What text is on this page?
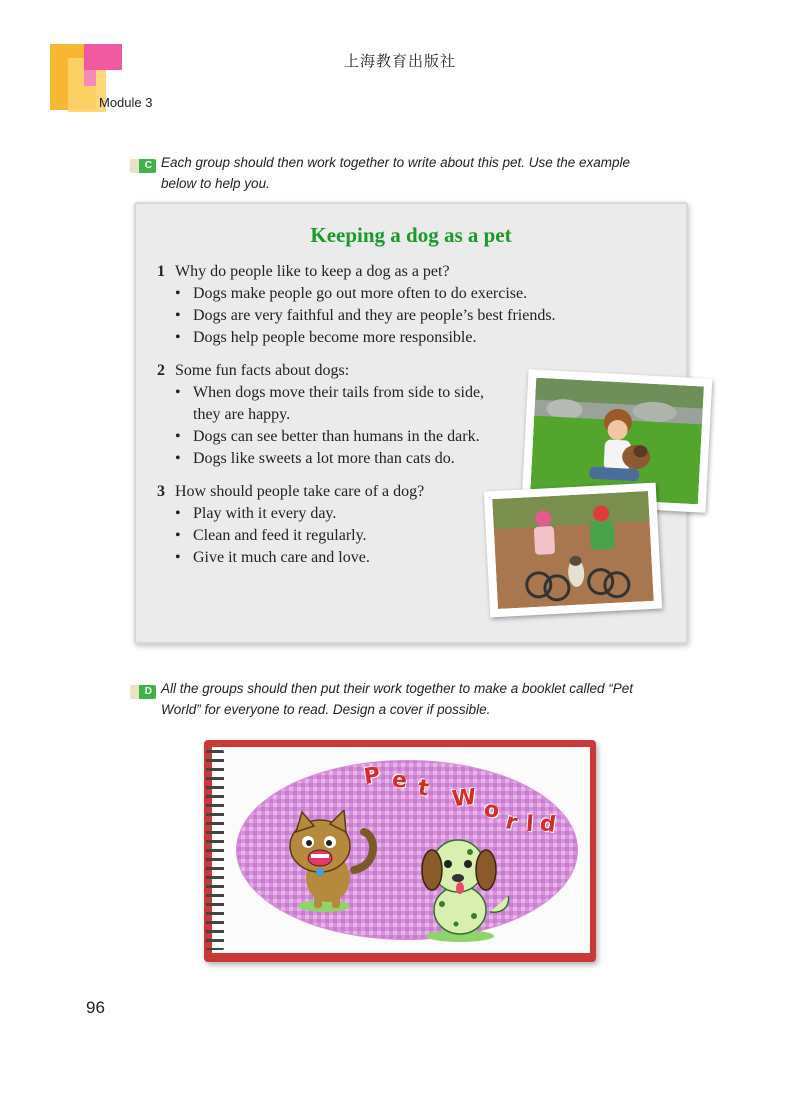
上海教育出版社
Module 3
C Each group should then work together to write about this pet. Use the example
below to help you.
Keeping a dog as a pet
1 Why do people like to keep a dog as a pet?
• Dogs make people go out more often to do exercise.
• Dogs are very faithful and they are people’s best friends.
• Dogs help people become more responsible.
2 Some fun facts about dogs:
• When dogs move their tails from side to side,
they are happy.
• Dogs can see better than humans in the dark.
• Dogs like sweets a lot more than cats do.
3 How should people take care of a dog?
• Play with it every day.
• Clean and feed it regularly.
• Give it much care and love.
D All the groups should then put their work together to make a booklet called “Pet
World” for everyone to read. Design a cover if possible.
P e t W o r l d
96
